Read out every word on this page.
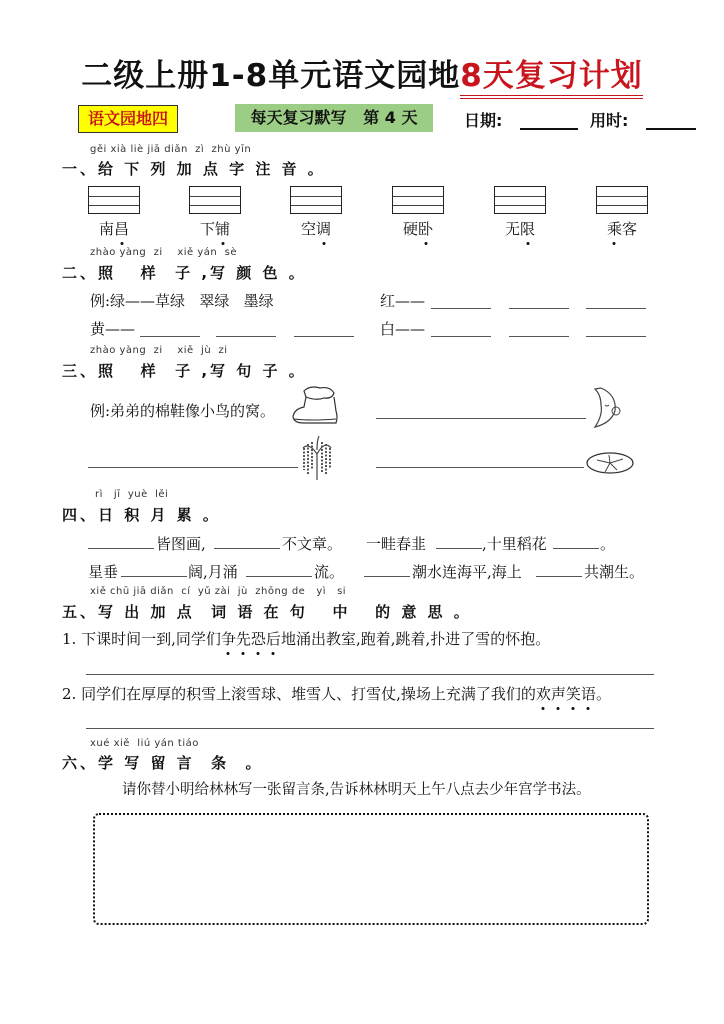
二级上册1-8单元语文园地8天复习计划
语文园地四	每天复习默写   第 4 天	日期:	用时:
gěi xià liè jiā diǎn  zì  zhù yīn
一、给 下 列 加 点 字 注 音 。
南昌	下铺	空调	硬卧	无限	乘客
zhào yàng  zi    xiě yán  sè
二、照   样  子 ,写 颜 色 。
例:绿——草绿   翠绿   墨绿	红——
黄——	白——
zhào yàng  zi    xiě  jù  zi
三、照   样  子 ,写 句 子 。
例:弟弟的棉鞋像小鸟的窝。
rì   jī  yuè  lěi
四、日 积 月 累 。
皆图画,	不文章。 一畦春韭	,十里稻花	。
星垂	阔,月涌	流。	潮水连海平,海上	共潮生。
xiě chū jiā diǎn  cí  yǔ zài  jù  zhōng de   yì   si
五、写 出 加 点  词 语 在 句   中   的 意 思 。
1. 下课时间一到,同学们争先恐后地涌出教室,跑着,跳着,扑进了雪的怀抱。
2. 同学们在厚厚的积雪上滚雪球、堆雪人、打雪仗,操场上充满了我们的欢声笑语。
xué xiě  liú yán tiáo
六、学 写 留 言  条  。
请你替小明给林林写一张留言条,告诉林林明天上午八点去少年宫学书法。
